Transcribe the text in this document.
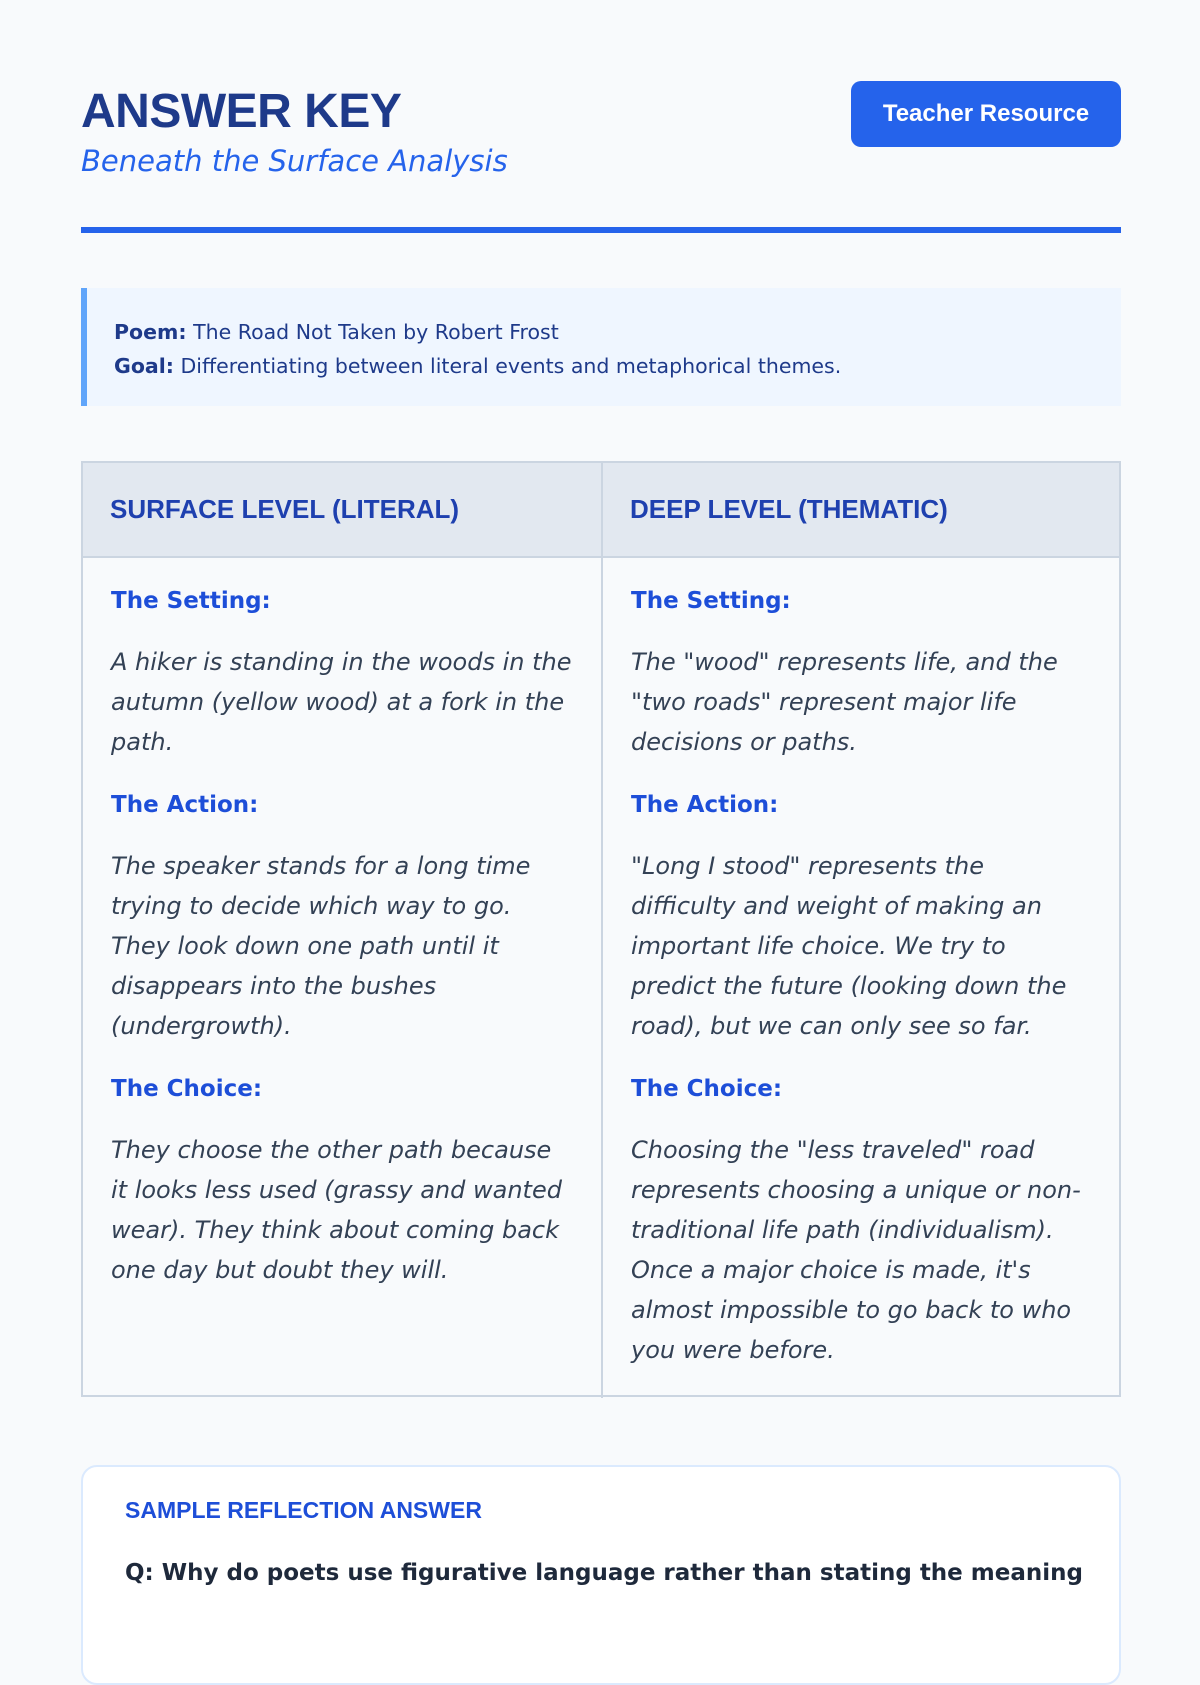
ANSWER KEY
Beneath the Surface Analysis
Teacher Resource
Poem: The Road Not Taken by Robert Frost
Goal: Differentiating between literal events and metaphorical themes.
SURFACE LEVEL (LITERAL)	DEEP LEVEL (THEMATIC)
The Setting:
A hiker is standing in the woods in the autumn (yellow wood) at a fork in the path.
The Action:
The speaker stands for a long time trying to decide which way to go. They look down one path until it disappears into the bushes (undergrowth).
The Choice:
They choose the other path because it looks less used (grassy and wanted wear). They think about coming back one day but doubt they will.
The Setting:
The "wood" represents life, and the "two roads" represent major life decisions or paths.
The Action:
"Long I stood" represents the difficulty and weight of making an important life choice. We try to predict the future (looking down the road), but we can only see so far.
The Choice:
Choosing the "less traveled" road represents choosing a unique or non-traditional life path (individualism). Once a major choice is made, it's almost impossible to go back to who you were before.
SAMPLE REFLECTION ANSWER
Q: Why do poets use figurative language rather than stating the meaning
